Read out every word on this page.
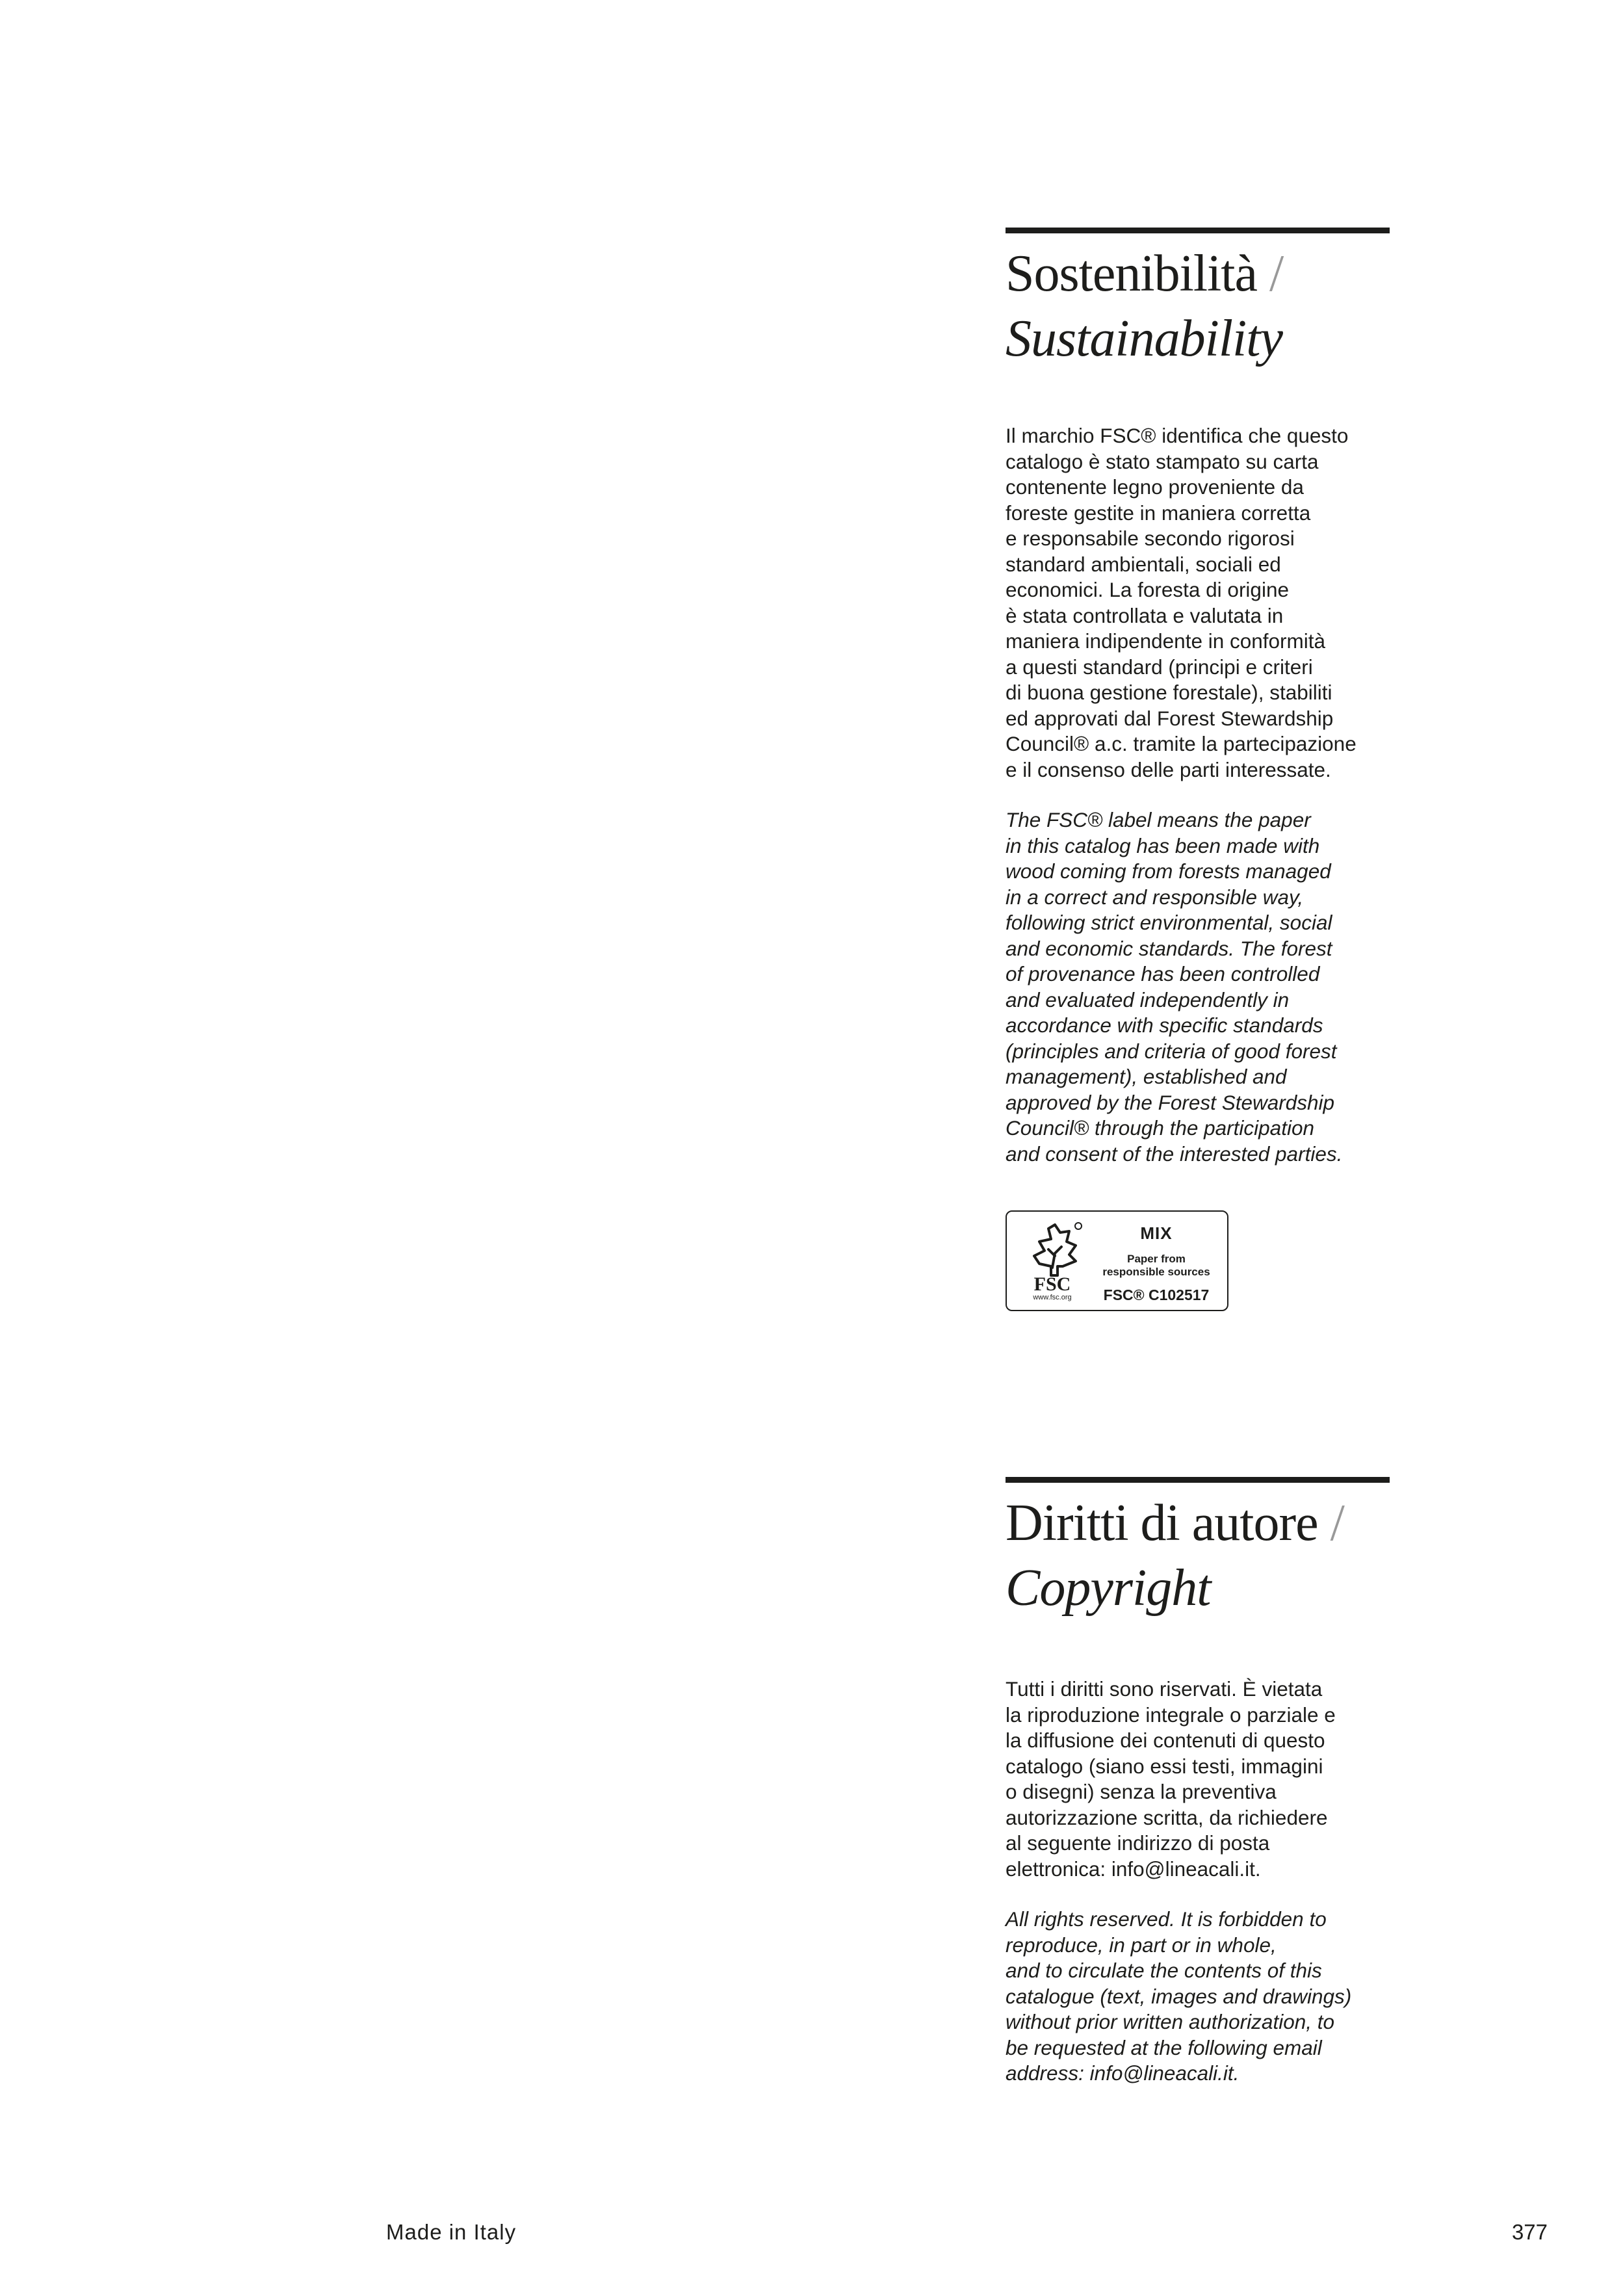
Sostenibilità /
Sustainability

Il marchio FSC® identifica che questo
catalogo è stato stampato su carta
contenente legno proveniente da
foreste gestite in maniera corretta
e responsabile secondo rigorosi
standard ambientali, sociali ed
economici. La foresta di origine
è stata controllata e valutata in
maniera indipendente in conformità
a questi standard (principi e criteri
di buona gestione forestale), stabiliti
ed approvati dal Forest Stewardship
Council® a.c. tramite la partecipazione
e il consenso delle parti interessate.

The FSC® label means the paper
in this catalog has been made with
wood coming from forests managed
in a correct and responsible way,
following strict environmental, social
and economic standards. The forest
of provenance has been controlled
and evaluated independently in
accordance with specific standards
(principles and criteria of good forest
management), established and
approved by the Forest Stewardship
Council® through the participation
and consent of the interested parties.

FSC
www.fsc.org
MIX
Paper from
responsible sources
FSC® C102517
Diritti di autore /
Copyright

Tutti i diritti sono riservati. È vietata
la riproduzione integrale o parziale e
la diffusione dei contenuti di questo
catalogo (siano essi testi, immagini
o disegni) senza la preventiva
autorizzazione scritta, da richiedere
al seguente indirizzo di posta
elettronica: info@lineacali.it.

All rights reserved. It is forbidden to
reproduce, in part or in whole,
and to circulate the contents of this
catalogue (text, images and drawings)
without prior written authorization, to
be requested at the following email
address: info@lineacali.it.

Made in Italy	377
